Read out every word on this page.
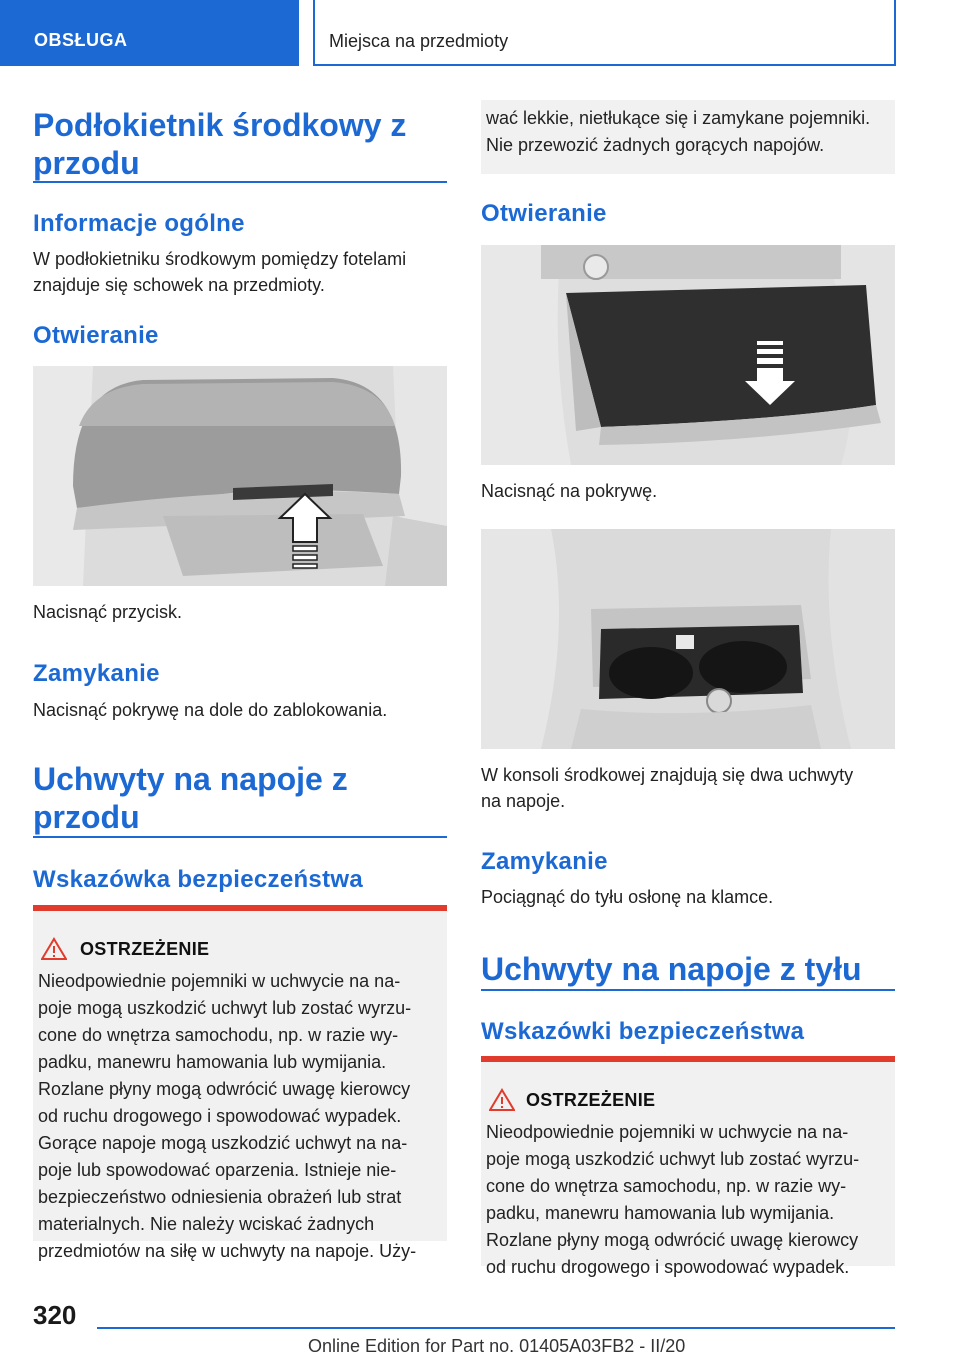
OBSŁUGA	Miejsca na przedmioty
Podłokietnik środkowy z
przodu
Informacje ogólne
W podłokietniku środkowym pomiędzy fotelami
znajduje się schowek na przedmioty.
Otwieranie
Nacisnąć przycisk.
Zamykanie
Nacisnąć pokrywę na dole do zablokowania.
Uchwyty na napoje z
przodu
Wskazówka bezpieczeństwa
OSTRZEŻENIE
Nieodpowiednie pojemniki w uchwycie na na-
poje mogą uszkodzić uchwyt lub zostać wyrzu-
cone do wnętrza samochodu, np. w razie wy-
padku, manewru hamowania lub wymijania.
Rozlane płyny mogą odwrócić uwagę kierowcy
od ruchu drogowego i spowodować wypadek.
Gorące napoje mogą uszkodzić uchwyt na na-
poje lub spowodować oparzenia. Istnieje nie-
bezpieczeństwo odniesienia obrażeń lub strat
materialnych. Nie należy wciskać żadnych
przedmiotów na siłę w uchwyty na napoje. Uży-
wać lekkie, nietłukące się i zamykane pojemniki.
Nie przewozić żadnych gorących napojów.
Otwieranie
Nacisnąć na pokrywę.
W konsoli środkowej znajdują się dwa uchwyty
na napoje.
Zamykanie
Pociągnąć do tyłu osłonę na klamce.
Uchwyty na napoje z tyłu
Wskazówki bezpieczeństwa
OSTRZEŻENIE
Nieodpowiednie pojemniki w uchwycie na na-
poje mogą uszkodzić uchwyt lub zostać wyrzu-
cone do wnętrza samochodu, np. w razie wy-
padku, manewru hamowania lub wymijania.
Rozlane płyny mogą odwrócić uwagę kierowcy
od ruchu drogowego i spowodować wypadek.
320
Online Edition for Part no. 01405A03FB2 - II/20
